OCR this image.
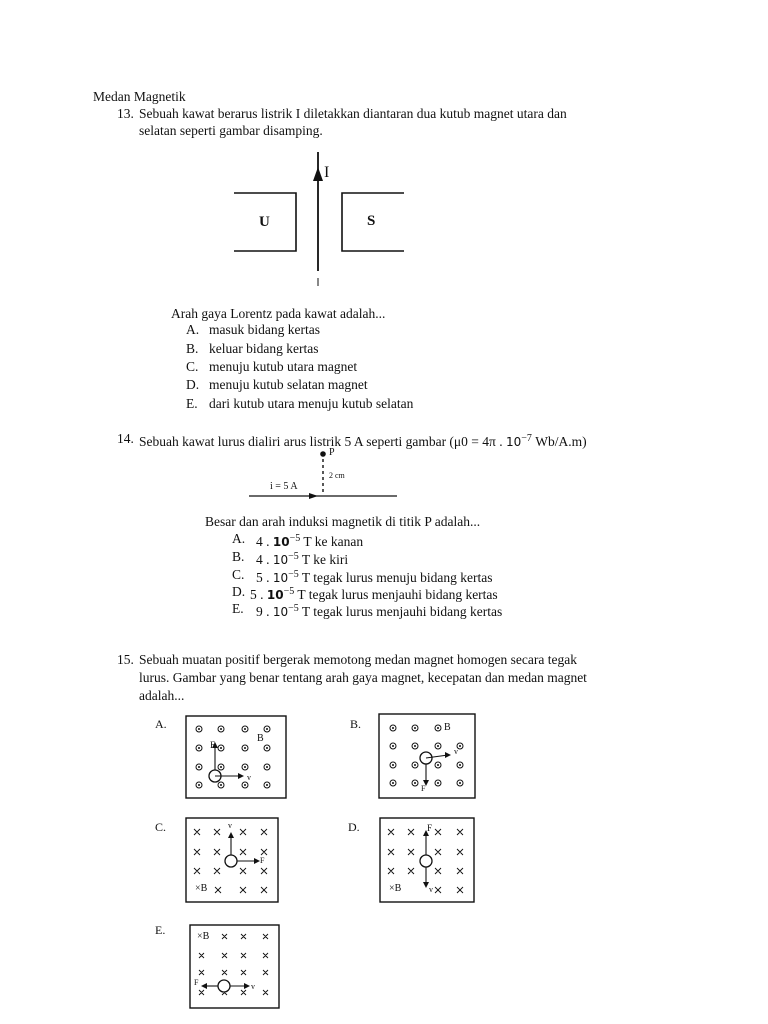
Medan Magnetik
13. Sebuah kawat berarus listrik I diletakkan diantaran dua kutub magnet utara dan
selatan seperti gambar disamping.
I
U	S
Arah gaya Lorentz pada kawat adalah...
A. masuk bidang kertas
B. keluar bidang kertas
C. menuju kutub utara magnet
D. menuju kutub selatan magnet
E. dari kutub utara menuju kutub selatan
14. Sebuah kawat lurus dialiri arus listrik 5 A seperti gambar (μ0 = 4π . $10^{-7}$ Wb/A.m)
P
2 cm
i = 5 A
Besar dan arah induksi magnetik di titik P adalah...
A. 4 . $10^{-5}$ T ke kanan
B. 4 . $10^{-5}$ T ke kiri
C. 5 . $10^{-5}$ T tegak lurus menuju bidang kertas
D. 5 . $10^{-5}$ T tegak lurus menjauhi bidang kertas
E. 9 . $10^{-5}$ T tegak lurus menjauhi bidang kertas
15. Sebuah muatan positif bergerak memotong medan magnet homogen secara tegak
lurus. Gambar yang benar tentang arah gaya magnet, kecepatan dan medan magnet
adalah...
A.
B
F
v
B.	B
F
v
C.
×B
F
v	D.	F
×B	v
E.	×B
F	v
